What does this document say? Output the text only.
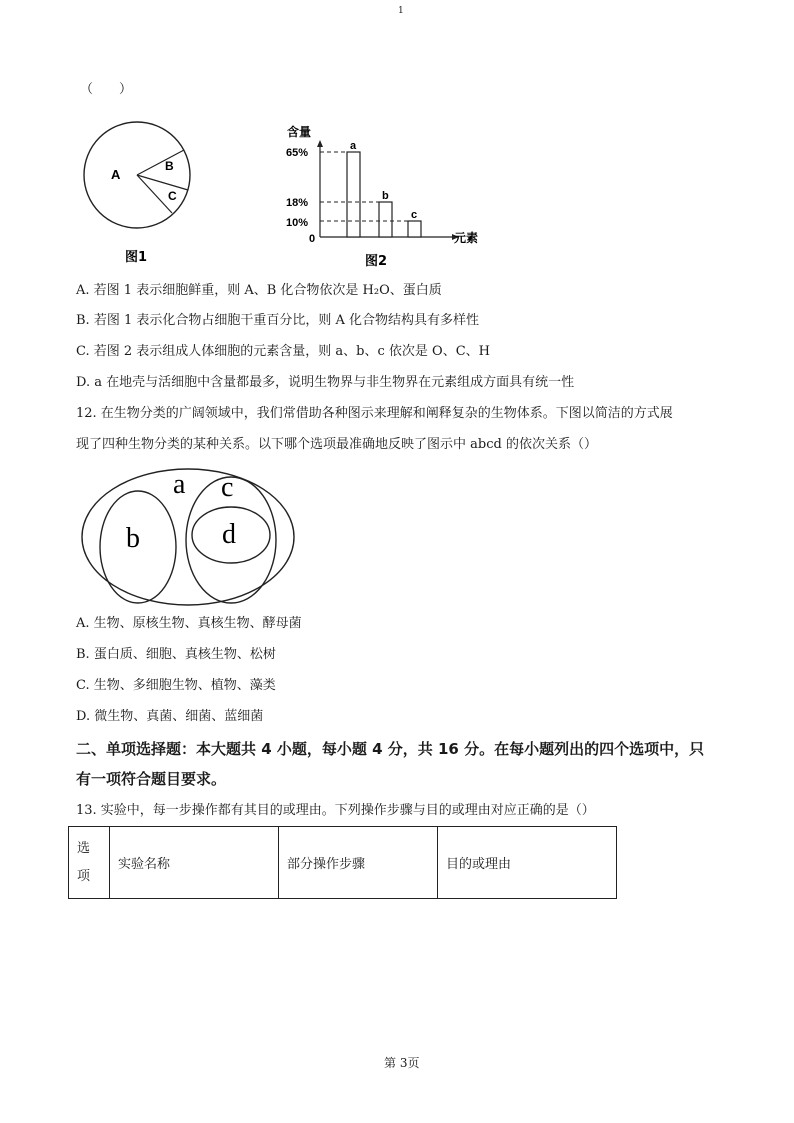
1
（　　）
A
B
C
图1
含量
元素
65%
18%
10%
0
a
b
c
图2
A. 若图 1 表示细胞鲜重，则 A、B 化合物依次是 H₂O、蛋白质
B. 若图 1 表示化合物占细胞干重百分比，则 A 化合物结构具有多样性
C. 若图 2 表示组成人体细胞的元素含量，则 a、b、c 依次是 O、C、H
D. a 在地壳与活细胞中含量都最多，说明生物界与非生物界在元素组成方面具有统一性
12. 在生物分类的广阔领域中，我们常借助各种图示来理解和阐释复杂的生物体系。下图以简洁的方式展
现了四种生物分类的某种关系。以下哪个选项最准确地反映了图示中 abcd 的依次关系（）
a
b
c
d
A. 生物、原核生物、真核生物、酵母菌
B. 蛋白质、细胞、真核生物、松树
C. 生物、多细胞生物、植物、藻类
D. 微生物、真菌、细菌、蓝细菌
二、单项选择题：本大题共 4 小题，每小题 4 分，共 16 分。在每小题列出的四个选项中，只
有一项符合题目要求。
13. 实验中，每一步操作都有其目的或理由。下列操作步骤与目的或理由对应正确的是（）
选
项
	实验名称	部分操作步骤	目的或理由
第 3页
